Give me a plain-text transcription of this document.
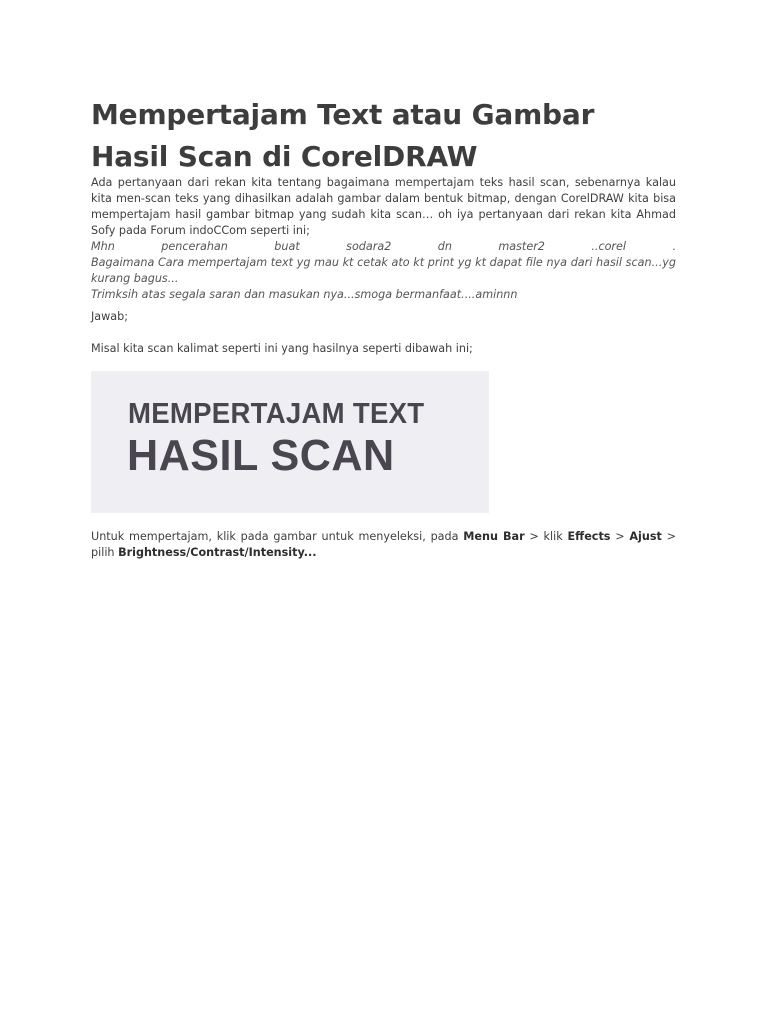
Mempertajam Text atau Gambar Hasil Scan di CorelDRAW

Ada pertanyaan dari rekan kita tentang bagaimana mempertajam teks hasil scan, sebenarnya kalau kita men-scan teks yang dihasilkan adalah gambar dalam bentuk bitmap, dengan CorelDRAW kita bisa mempertajam hasil gambar bitmap yang sudah kita scan… oh iya pertanyaan dari rekan kita Ahmad Sofy pada Forum indoCCom seperti ini;

Mhn	pencerahan	buat	sodara2	dn	master2	..corel	.

Bagaimana Cara mempertajam text yg mau kt cetak ato kt print yg kt dapat file nya dari hasil scan...yg kurang bagus...

Trimksih atas segala saran dan masukan nya...smoga bermanfaat....aminnn

Jawab;

Misal kita scan kalimat seperti ini yang hasilnya seperti dibawah ini;

MEMPERTAJAM TEXT
HASIL SCAN

Untuk mempertajam, klik pada gambar untuk menyeleksi, pada Menu Bar > klik Effects > Ajust > pilih Brightness/Contrast/Intensity...
